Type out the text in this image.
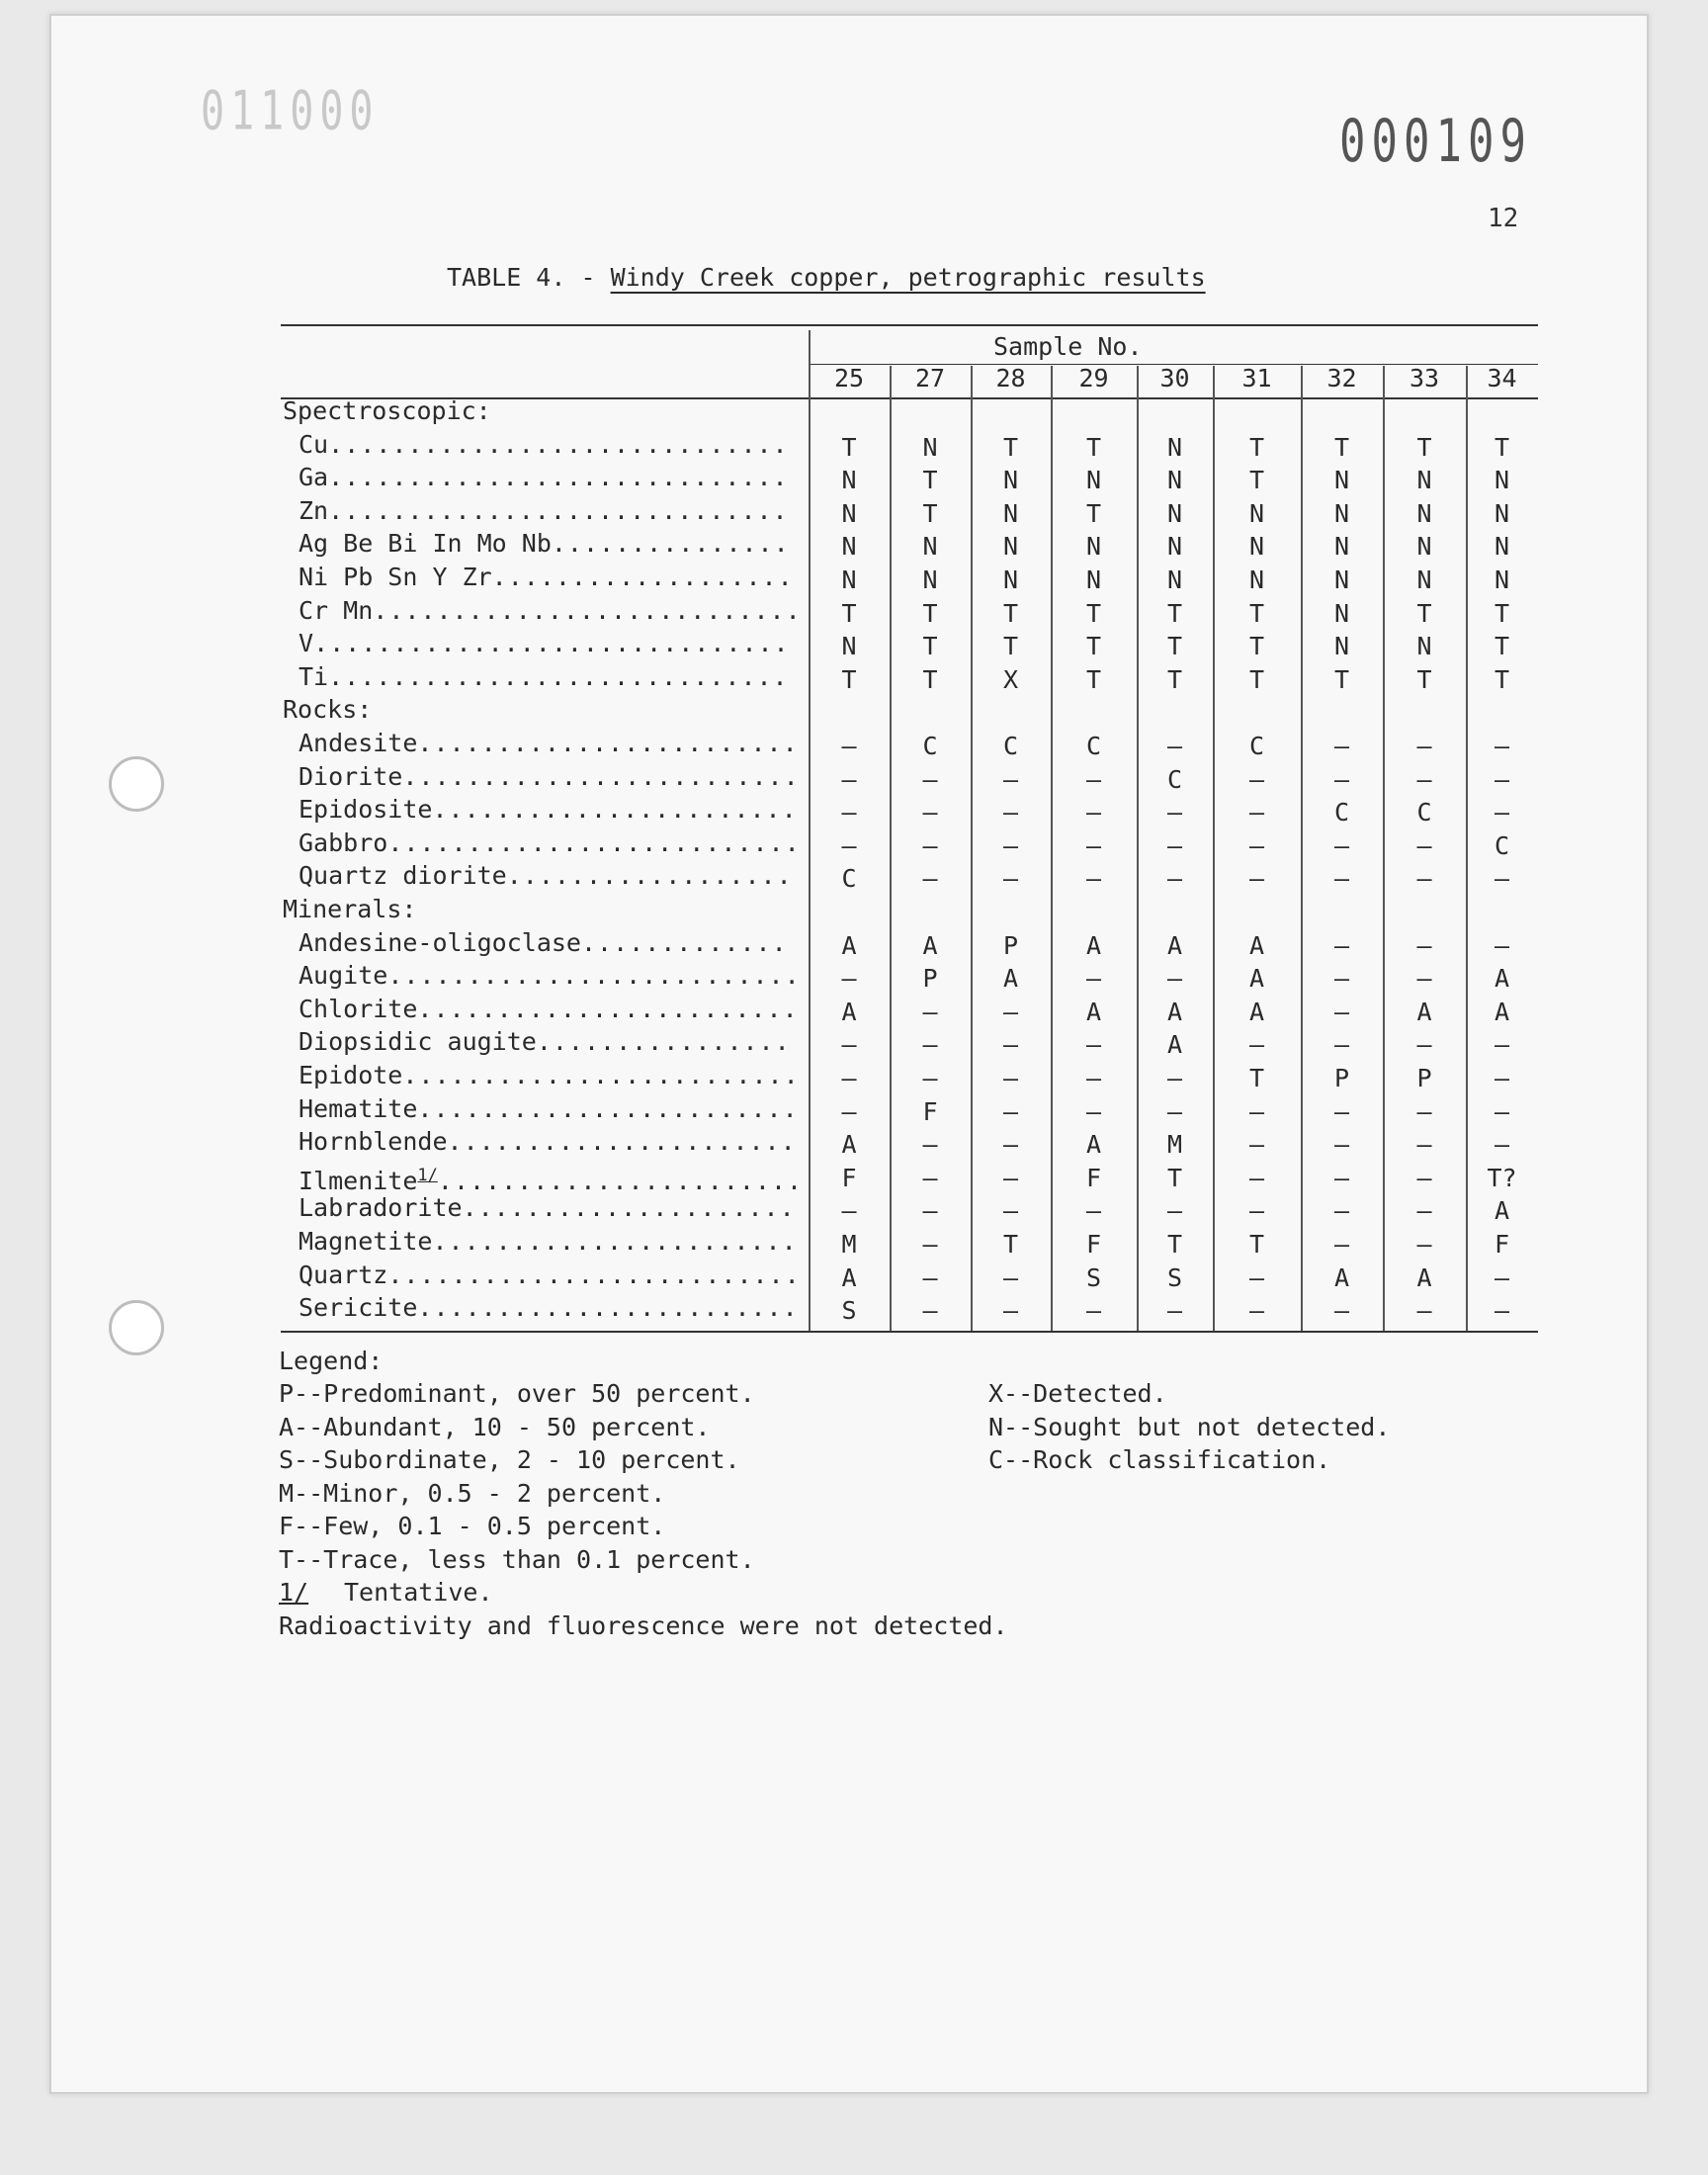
011000	000109
12
TABLE 4. - Windy Creek copper, petrographic results
Sample No.
25	27	28	29	30	31	32	33	34
Spectroscopic:
Cu.............................	T	N	T	T	N	T	T	T	T
Ga.............................	N	T	N	N	N	T	N	N	N
Zn.............................	N	T	N	T	N	N	N	N	N
Ag Be Bi In Mo Nb...............	N	N	N	N	N	N	N	N	N
Ni Pb Sn Y Zr...................	N	N	N	N	N	N	N	N	N
Cr Mn...........................	T	T	T	T	T	T	N	T	T
V..............................	N	T	T	T	T	T	N	N	T
Ti.............................	T	T	X	T	T	T	T	T	T
Rocks:
Andesite........................	–	C	C	C	–	C	–	–	–
Diorite.........................	–	–	–	–	C	–	–	–	–
Epidosite.......................	–	–	–	–	–	–	C	C	–
Gabbro..........................	–	–	–	–	–	–	–	–	C
Quartz diorite..................	C	–	–	–	–	–	–	–	–
Minerals:
Andesine-oligoclase.............	A	A	P	A	A	A	–	–	–
Augite..........................	–	P	A	–	–	A	–	–	A
Chlorite........................	A	–	–	A	A	A	–	A	A
Diopsidic augite................	–	–	–	–	A	–	–	–	–
Epidote.........................	–	–	–	–	–	T	P	P	–
Hematite........................	–	F	–	–	–	–	–	–	–
Hornblende......................	A	–	–	A	M	–	–	–	–
Ilmenite$^{1/}$.......................	F	–	–	F	T	–	–	–	T?
Labradorite.....................	–	–	–	–	–	–	–	–	A
Magnetite.......................	M	–	T	F	T	T	–	–	F
Quartz..........................	A	–	–	S	S	–	A	A	–
Sericite........................	S	–	–	–	–	–	–	–	–
Legend:
P--Predominant, over 50 percent.
A--Abundant, 10 - 50 percent.
S--Subordinate, 2 - 10 percent.
M--Minor, 0.5 - 2 percent.
F--Few, 0.1 - 0.5 percent.
T--Trace, less than 0.1 percent.
X--Detected.
N--Sought but not detected.
C--Rock classification.
1/ Tentative.
Radioactivity and fluorescence were not detected.
